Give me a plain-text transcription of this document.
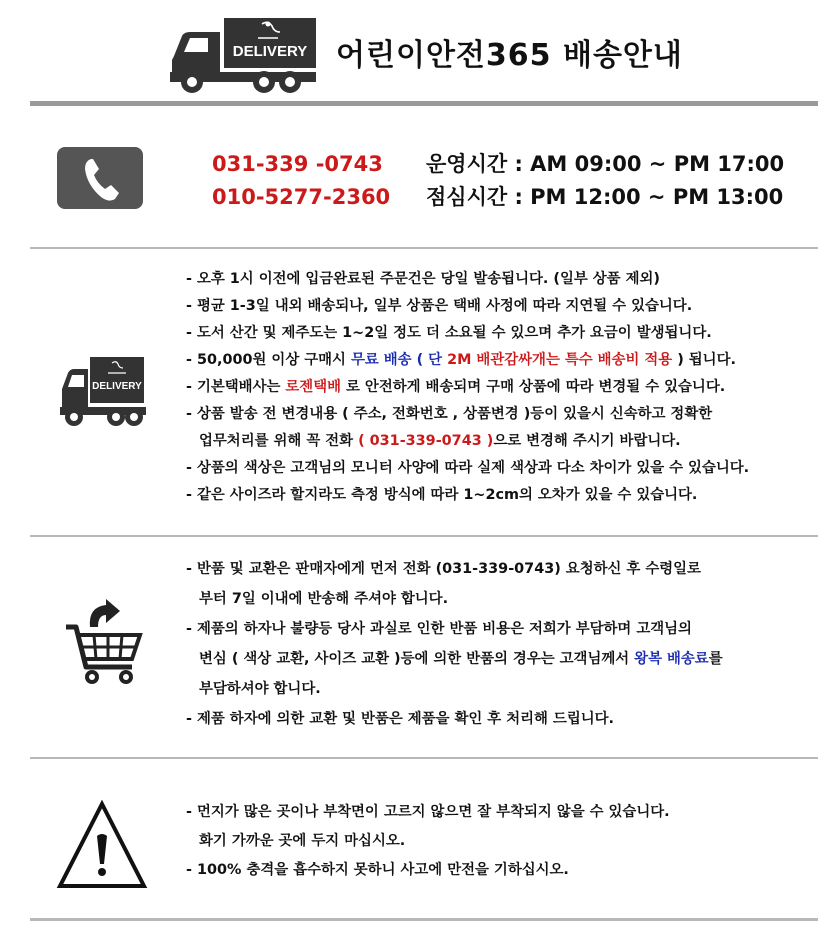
DELIVERY 어린이안전365 배송안내
031-339 -0743
010-5277-2360
운영시간 : AM 09:00 ~ PM 17:00
점심시간 : PM 12:00 ~ PM 13:00
DELIVERY
- 오후 1시 이전에 입금완료된 주문건은 당일 발송됩니다. (일부 상품 제외)
- 평균 1-3일 내외 배송되나, 일부 상품은 택배 사정에 따라 지연될 수 있습니다.
- 도서 산간 및 제주도는 1~2일 정도 더 소요될 수 있으며 추가 요금이 발생됩니다.
- 50,000원 이상 구매시 무료 배송 ( 단 2M 배관감싸개는 특수 배송비 적용 ) 됩니다.
- 기본택배사는 로젠택배 로 안전하게 배송되며 구매 상품에 따라 변경될 수 있습니다.
- 상품 발송 전 변경내용 ( 주소, 전화번호 , 상품변경 )등이 있을시 신속하고 정확한
업무처리를 위해 꼭 전화 ( 031-339-0743 )으로 변경해 주시기 바랍니다.
- 상품의 색상은 고객님의 모니터 사양에 따라 실제 색상과 다소 차이가 있을 수 있습니다.
- 같은 사이즈라 할지라도 측정 방식에 따라 1~2cm의 오차가 있을 수 있습니다.
- 반품 및 교환은 판매자에게 먼저 전화 (031-339-0743) 요청하신 후 수령일로
부터 7일 이내에 반송해 주셔야 합니다.
- 제품의 하자나 불량등 당사 과실로 인한 반품 비용은 저희가 부담하며 고객님의
변심 ( 색상 교환, 사이즈 교환 )등에 의한 반품의 경우는 고객님께서 왕복 배송료를
부담하셔야 합니다.
- 제품 하자에 의한 교환 및 반품은 제품을 확인 후 처리해 드립니다.
- 먼지가 많은 곳이나 부착면이 고르지 않으면 잘 부착되지 않을 수 있습니다.
화기 가까운 곳에 두지 마십시오.
- 100% 충격을 흡수하지 못하니 사고에 만전을 기하십시오.
